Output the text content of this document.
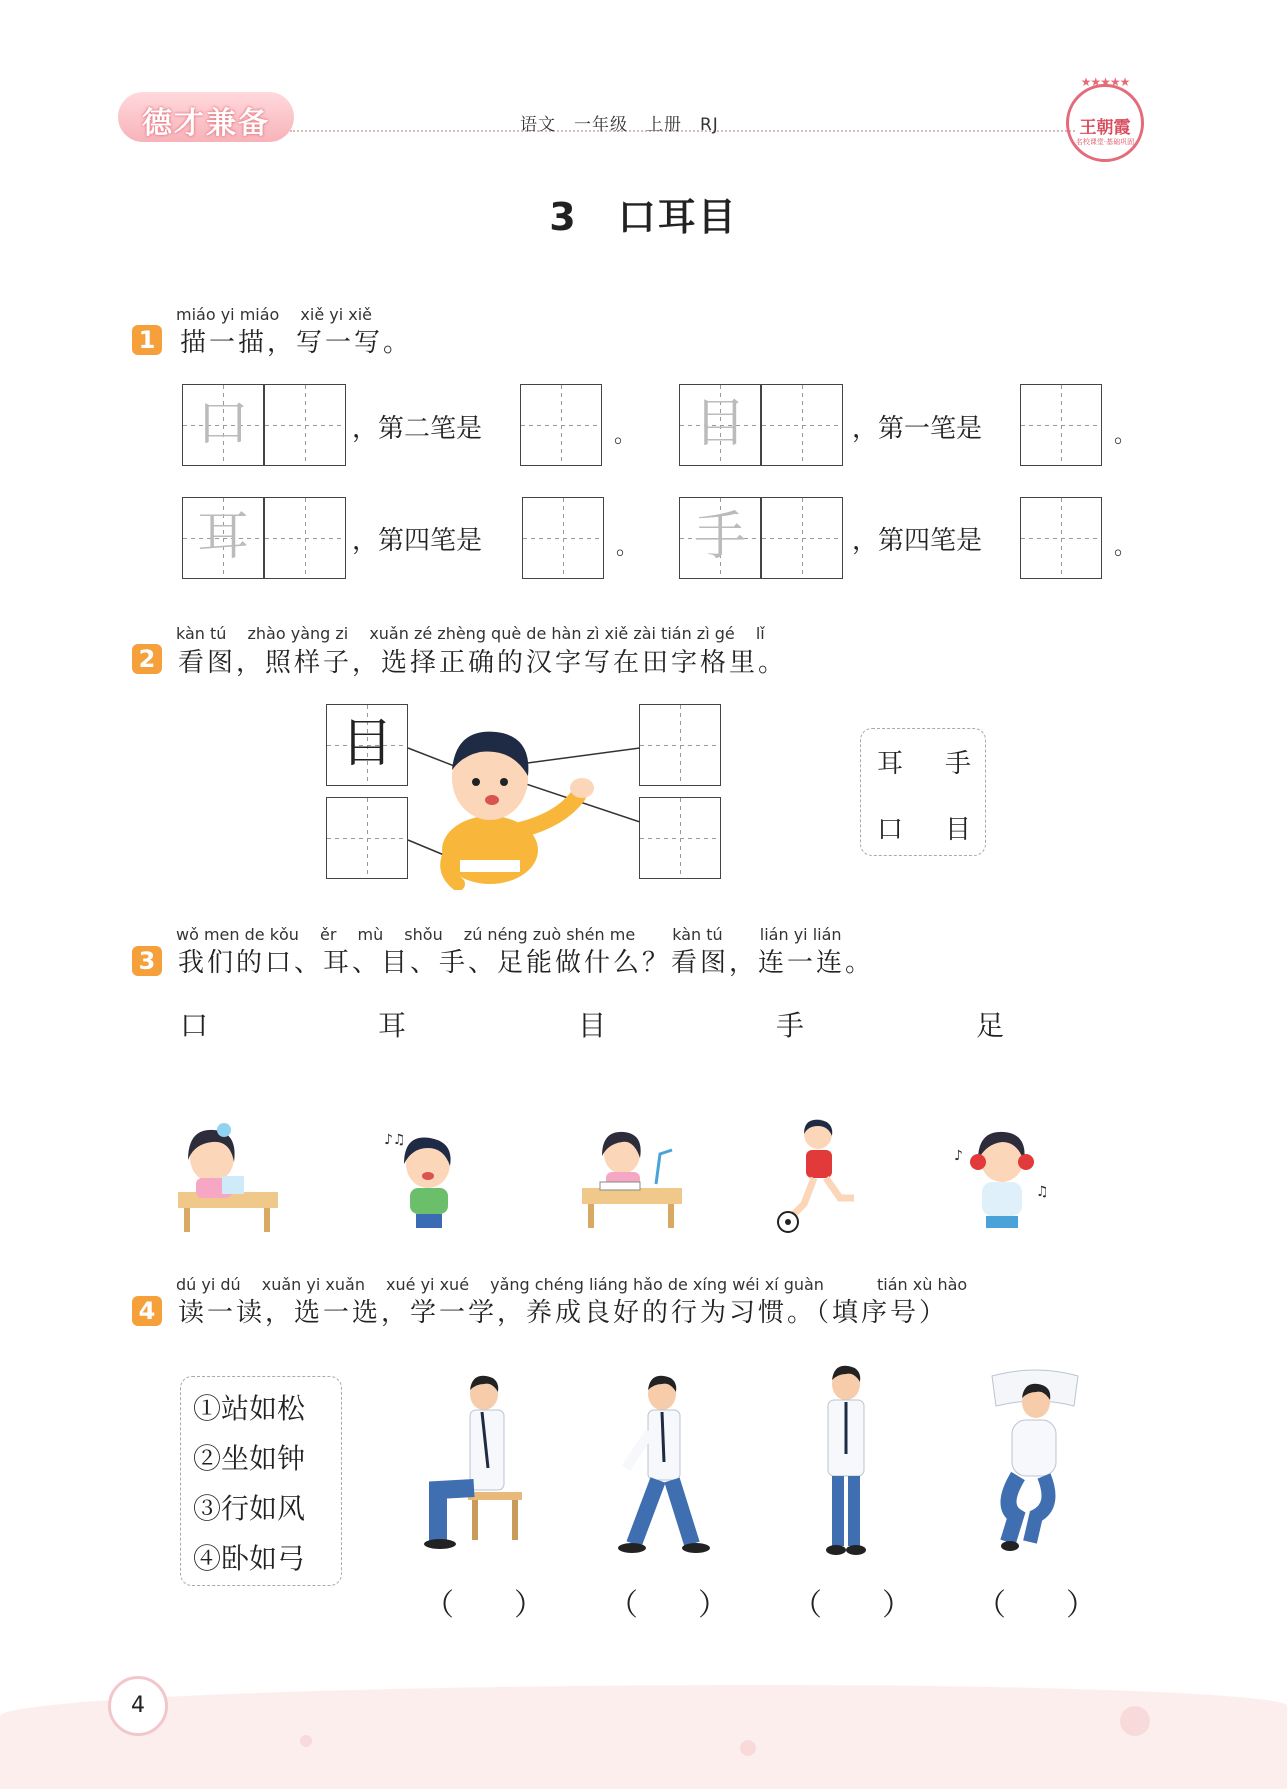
德才兼备	语文　一年级　上册　RJ
★★★★★
王朝霞
名校课堂·基础巩固
3 口耳目
miáo yi miáo　 xiě yi xiě
1 描一描，写一写。
口	，第二笔是	。 目	，第一笔是	。
耳	，第四笔是	。 手	，第四笔是	。
kàn tú　 zhào yàng zi　 xuǎn zé zhèng què de hàn zì xiě zài tián zì gé　 lǐ
2 看图，照样子，选择正确的汉字写在田字格里。
目	耳 手
口 目
wǒ men de kǒu　 ěr　 mù　 shǒu　 zú néng zuò shén me　　 kàn tú　　 lián yi lián
3 我们的口、耳、目、手、足能做什么？看图，连一连。
口	耳	目	手	足
♪♫
♪
♫
dú yi dú　 xuǎn yi xuǎn　 xué yi xué　 yǎng chéng liáng hǎo de xíng wéi xí guàn　　　 tián xù hào
4 读一读，选一选，学一学，养成良好的行为习惯。（填序号）
①站如松
②坐如钟
③行如风
④卧如弓
（　　） （　　） （　　） （　　）
4
